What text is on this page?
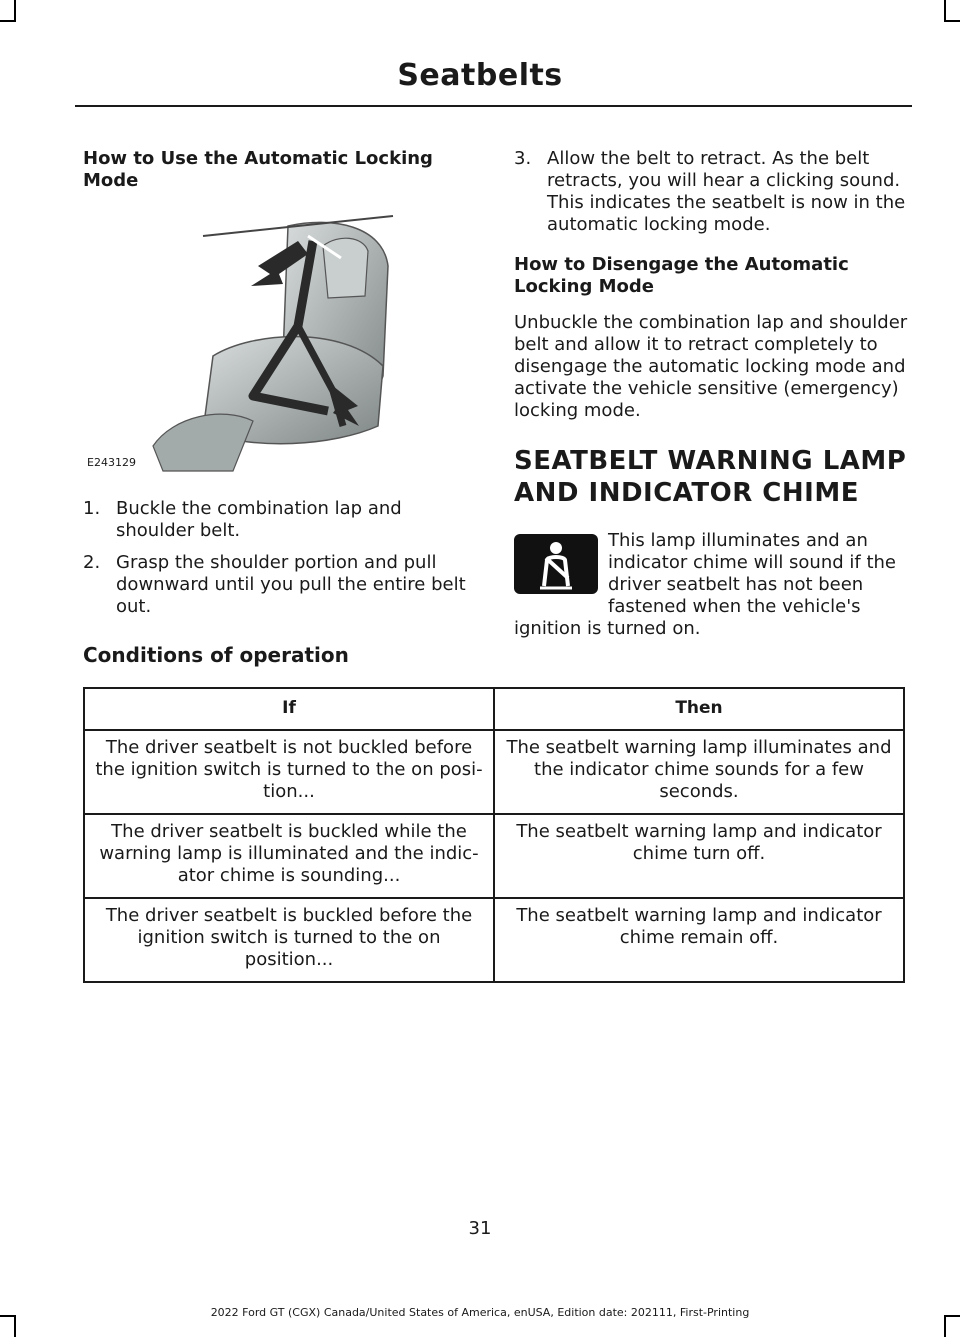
Seatbelts

How to Use the Automatic Locking Mode

E243129
1. Buckle the combination lap and shoulder belt.
2. Grasp the shoulder portion and pull downward until you pull the entire belt out.
3. Allow the belt to retract. As the belt retracts, you will hear a clicking sound. This indicates the seatbelt is now in the automatic locking mode.

How to Disengage the Automatic Locking Mode

Unbuckle the combination lap and shoulder belt and allow it to retract completely to disengage the automatic locking mode and activate the vehicle sensitive (emergency) locking mode.

SEATBELT WARNING LAMP
AND INDICATOR CHIME

This lamp illuminates and an indicator chime will sound if the driver seatbelt has not been fastened when the vehicle's ignition is turned on.

Conditions of operation

If	Then
The driver seatbelt is not buckled before the ignition switch is turned to the on posi-tion...	The seatbelt warning lamp illuminates and the indicator chime sounds for a few seconds.
The driver seatbelt is buckled while the warning lamp is illuminated and the indic-ator chime is sounding...	The seatbelt warning lamp and indicator chime turn off.
The driver seatbelt is buckled before the ignition switch is turned to the on position...	The seatbelt warning lamp and indicator chime remain off.
31
2022 Ford GT (CGX) Canada/United States of America, enUSA, Edition date: 202111, First-Printing
